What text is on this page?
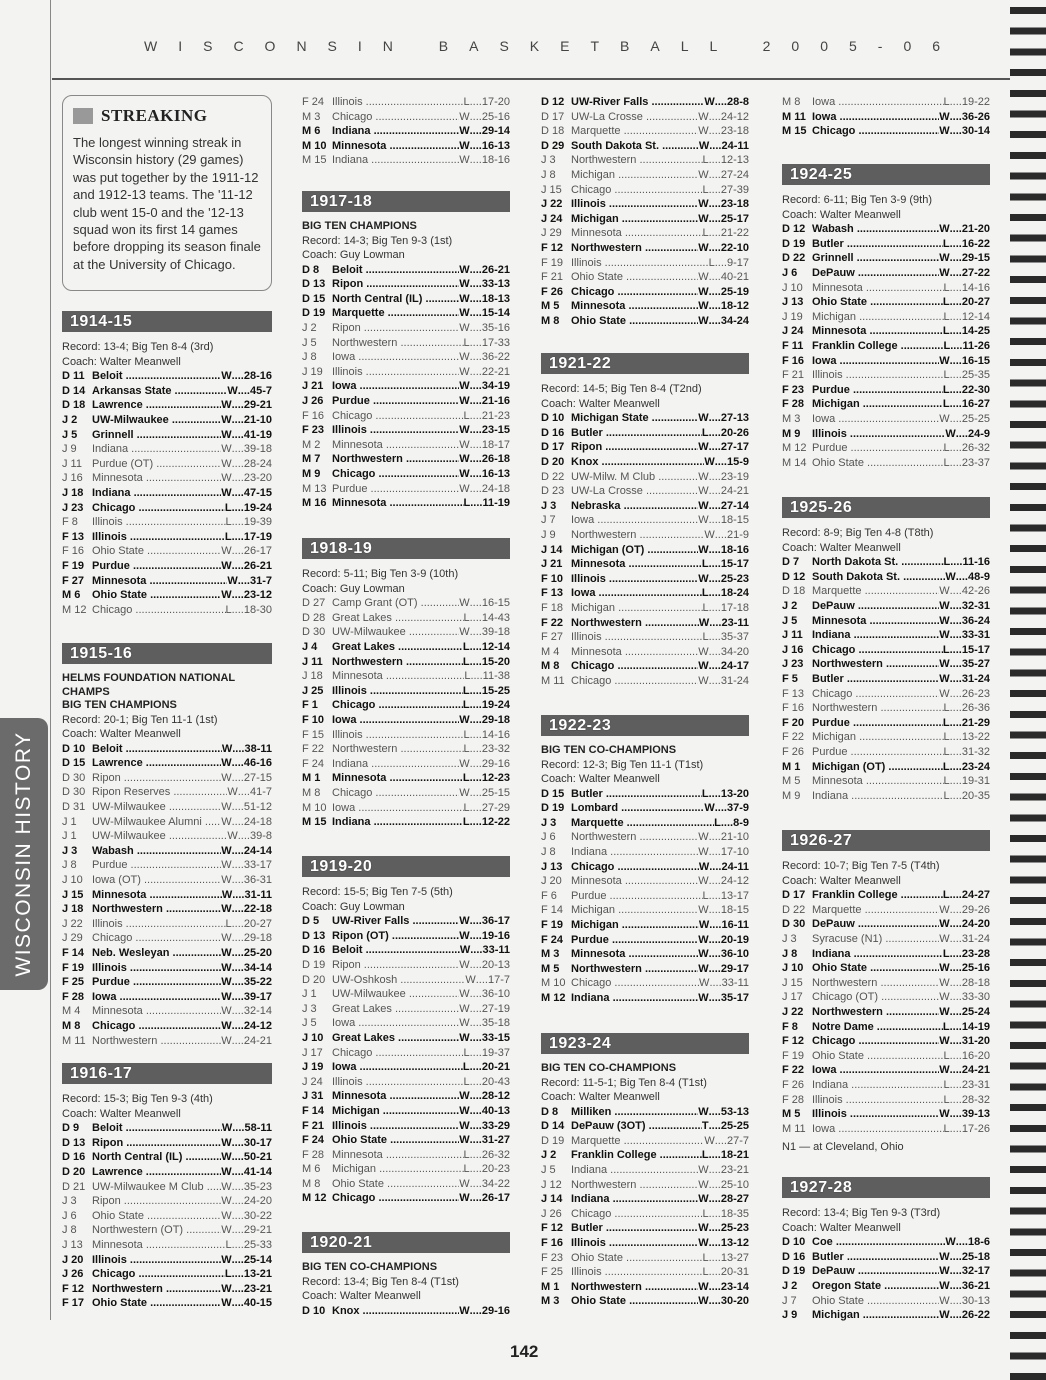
WISCONSIN BASKETBALL 2005-06
WISCONSIN HISTORY
STREAKING
The longest winning streak in Wisconsin history (29 games) was put together by the 1911-12 and 1912-13 teams. The '11-12 club went 15-0 and the '12-13 squad won its first 14 games before dropping its season finale at the University of Chicago.
1914-15
Record: 13-4; Big Ten 8-4 (3rd)
Coach: Walter Meanwell
D 11 Beloit .....	W .... 28-16
D 14 Arkansas State .....	W .... 45-7
D 18 Lawrence .....	W .... 29-21
J 2	UW-Milwaukee .....	W .... 21-10
J 5	Grinnell .....	W .... 41-19
J 9	Indiana .....	W .... 39-18
J 11 Purdue (OT) .....	W .... 28-24
J 16 Minnesota .....	W .... 23-20
J 18 Indiana .....	W .... 47-15
J 23 Chicago .....	L .... 19-24
F 8	Illinois .....	L .... 19-39
F 13 Illinois .....	L .... 17-19
F 16 Ohio State .....	W .... 26-17
F 19 Purdue .....	W .... 26-21
F 27 Minnesota .....	W .... 31-7
M 6	Ohio State .....	W .... 23-12
M 12 Chicago .....	L .... 18-30
1915-16
HELMS FOUNDATION NATIONAL CHAMPS
BIG TEN CHAMPIONS
Record: 20-1; Big Ten 11-1 (1st)
Coach: Walter Meanwell
D 10 Beloit .....	W .... 38-11
D 15 Lawrence .....	W .... 46-16
D 30 Ripon .....	W .... 27-15
D 30 Ripon Reserves .....	W .... 41-7
D 31 UW-Milwaukee .....	W .... 51-12
J 1	UW-Milwaukee Alumni .....	W .... 24-18
J 1	UW-Milwaukee .....	W .... 39-8
J 3	Wabash .....	W .... 24-14
J 8	Purdue .....	W .... 33-17
J 10 Iowa (OT) .....	W .... 36-31
J 15 Minnesota .....	W .... 31-11
J 18 Northwestern .....	W .... 22-18
J 22 Illinois .....	L .... 20-27
J 29 Chicago .....	W .... 29-18
F 14 Neb. Wesleyan .....	W .... 25-20
F 19 Illinois .....	W .... 34-14
F 25 Purdue .....	W .... 35-22
F 28 Iowa .....	W .... 39-17
M 4	Minnesota .....	W .... 32-14
M 8	Chicago .....	W .... 24-12
M 11 Northwestern .....	W .... 24-21
1916-17
Record: 15-3; Big Ten 9-3 (4th)
Coach: Walter Meanwell
D 9	Beloit .....	W .... 58-11
D 13 Ripon .....	W .... 30-17
D 16 North Central (IL) .....	W .... 50-21
D 20 Lawrence .....	W .... 41-14
D 21 UW-Milwaukee M Club .....	W .... 35-23
J 3	Ripon .....	W .... 24-20
J 6	Ohio State .....	W .... 30-22
J 8	Northwestern (OT) .....	W .... 29-21
J 13 Minnesota .....	L .... 25-33
J 20 Illinois .....	W .... 25-14
J 26 Chicago .....	L .... 13-21
F 12 Northwestern .....	W .... 23-21
F 17 Ohio State .....	W .... 40-15
F 24 Illinois .....	L .... 17-20
M 3	Chicago .....	W .... 25-16
M 6	Indiana .....	W .... 29-14
M 10 Minnesota .....	W .... 16-13
M 15 Indiana .....	W .... 18-16
1917-18
BIG TEN CHAMPIONS
Record: 14-3; Big Ten 9-3 (1st)
Coach: Guy Lowman
D 8	Beloit .....	W .... 26-21
D 13 Ripon .....	W .... 33-13
D 15 North Central (IL) .....	W .... 18-13
D 19 Marquette .....	W .... 15-14
J 2	Ripon .....	W .... 35-16
J 5	Northwestern .....	L .... 17-33
J 8	Iowa .....	W .... 36-22
J 19 Illinois .....	W .... 22-21
J 21 Iowa .....	W .... 34-19
J 26 Purdue .....	W .... 21-16
F 16 Chicago .....	L .... 21-23
F 23 Illinois .....	W .... 23-15
M 2	Minnesota .....	W .... 18-17
M 7	Northwestern .....	W .... 26-18
M 9	Chicago .....	W .... 16-13
M 13 Purdue .....	W .... 24-18
M 16 Minnesota .....	L .... 11-19
1918-19
Record: 5-11; Big Ten 3-9 (10th)
Coach: Guy Lowman
D 27 Camp Grant (OT) .....	W .... 16-15
D 28 Great Lakes .....	L .... 14-43
D 30 UW-Milwaukee .....	W .... 39-18
J 4	Great Lakes .....	L .... 12-14
J 11 Northwestern .....	L .... 15-20
J 18 Minnesota .....	L .... 11-38
J 25 Illinois .....	L .... 15-25
F 1	Chicago .....	L .... 19-24
F 10 Iowa .....	W .... 29-18
F 15 Illinois .....	L .... 14-16
F 22 Northwestern .....	L .... 23-32
F 24 Indiana .....	W .... 29-16
M 1	Minnesota .....	L .... 12-23
M 8	Chicago .....	W .... 25-15
M 10 Iowa .....	L .... 27-29
M 15 Indiana .....	L .... 12-22
1919-20
Record: 15-5; Big Ten 7-5 (5th)
Coach: Guy Lowman
D 5	UW-River Falls .....	W .... 36-17
D 13 Ripon (OT) .....	W .... 19-16
D 16 Beloit .....	W .... 33-11
D 19 Ripon .....	W .... 20-13
D 20 UW-Oshkosh .....	W .... 17-7
J 1	UW-Milwaukee .....	W .... 36-10
J 3	Great Lakes .....	W .... 27-19
J 5	Iowa .....	W .... 35-18
J 10 Great Lakes .....	W .... 33-15
J 17 Chicago .....	L .... 19-37
J 19 Iowa .....	L .... 20-21
J 24 Illinois .....	L .... 20-43
J 31 Minnesota .....	W .... 28-12
F 14 Michigan .....	W .... 40-13
F 21 Illinois .....	W .... 33-29
F 24 Ohio State .....	W .... 31-27
F 28 Minnesota .....	L .... 26-32
M 6	Michigan .....	L .... 20-23
M 8	Ohio State .....	W .... 34-22
M 12 Chicago .....	W .... 26-17
1920-21
BIG TEN CO-CHAMPIONS
Record: 13-4; Big Ten 8-4 (T1st)
Coach: Walter Meanwell
D 10 Knox .....	W .... 29-16
D 12 UW-River Falls .....	W .... 28-8
D 17 UW-La Crosse .....	W .... 24-12
D 18 Marquette .....	W .... 23-18
D 29 South Dakota St. .....	W .... 24-11
J 3	Northwestern .....	L .... 12-13
J 8	Michigan .....	W .... 27-24
J 15 Chicago .....	L .... 27-39
J 22 Illinois .....	W .... 23-18
J 24 Michigan .....	W .... 25-17
J 29 Minnesota .....	L .... 21-22
F 12 Northwestern .....	W .... 22-10
F 19 Illinois .....	L .... 9-17
F 21 Ohio State .....	W .... 40-21
F 26 Chicago .....	W .... 25-19
M 5	Minnesota .....	W .... 18-12
M 8	Ohio State .....	W .... 34-24
1921-22
Record: 14-5; Big Ten 8-4 (T2nd)
Coach: Walter Meanwell
D 10 Michigan State .....	W .... 27-13
D 16 Butler .....	L .... 20-26
D 17 Ripon .....	W .... 27-17
D 20 Knox .....	W .... 15-9
D 22 UW-Milw. M Club .....	W .... 23-19
D 23 UW-La Crosse .....	W .... 24-21
J 3	Nebraska .....	W .... 27-14
J 7	Iowa .....	W .... 18-15
J 9	Northwestern .....	W .... 21-9
J 14 Michigan (OT) .....	W .... 18-16
J 21 Minnesota .....	L .... 15-17
F 10 Illinois .....	W .... 25-23
F 13 Iowa .....	L .... 18-24
F 18 Michigan .....	L .... 17-18
F 22 Northwestern .....	W .... 23-11
F 27 Illinois .....	L .... 35-37
M 4	Minnesota .....	W .... 34-20
M 8	Chicago .....	W .... 24-17
M 11 Chicago .....	W .... 31-24
1922-23
BIG TEN CO-CHAMPIONS
Record: 12-3; Big Ten 11-1 (T1st)
Coach: Walter Meanwell
D 15 Butler .....	L .... 13-20
D 19 Lombard .....	W .... 37-9
J 3	Marquette .....	L .... 8-9
J 6	Northwestern .....	W .... 21-10
J 8	Indiana .....	W .... 17-10
J 13 Chicago .....	W .... 24-11
J 20 Minnesota .....	W .... 24-12
F 6	Purdue .....	L .... 13-17
F 14 Michigan .....	W .... 18-15
F 19 Michigan .....	W .... 16-11
F 24 Purdue .....	W .... 20-19
M 3	Minnesota .....	W .... 36-10
M 5	Northwestern .....	W .... 29-17
M 10 Chicago .....	W .... 33-11
M 12 Indiana .....	W .... 35-17
1923-24
BIG TEN CO-CHAMPIONS
Record: 11-5-1; Big Ten 8-4 (T1st)
Coach: Walter Meanwell
D 8	Milliken .....	W .... 53-13
D 14 DePauw (3OT) .....	T .... 25-25
D 19 Marquette .....	W .... 27-7
J 2	Franklin College .....	L .... 18-21
J 5	Indiana .....	W .... 23-21
J 12 Northwestern .....	W .... 25-10
J 14 Indiana .....	W .... 28-27
J 26 Chicago .....	L .... 18-35
F 12 Butler .....	W .... 25-23
F 16 Illinois .....	W .... 13-12
F 23 Ohio State .....	L .... 13-27
F 25 Illinois .....	L .... 20-31
M 1	Northwestern .....	W .... 23-14
M 3	Ohio State .....	W .... 30-20
M 8	Iowa .....	L .... 19-22
M 11 Iowa .....	W .... 36-26
M 15 Chicago .....	W .... 30-14
1924-25
Record: 6-11; Big Ten 3-9 (9th)
Coach: Walter Meanwell
D 12 Wabash .....	W .... 21-20
D 19 Butler .....	L .... 16-22
D 22 Grinnell .....	W .... 29-15
J 6	DePauw .....	W .... 27-22
J 10 Minnesota .....	L .... 14-16
J 13 Ohio State .....	L .... 20-27
J 19 Michigan .....	L .... 12-14
J 24 Minnesota .....	L .... 14-25
F 11 Franklin College .....	L .... 11-26
F 16 Iowa .....	W .... 16-15
F 21 Illinois .....	L .... 25-35
F 23 Purdue .....	L .... 22-30
F 28 Michigan .....	L .... 16-27
M 3	Iowa .....	W .... 25-25
M 9	Illinois .....	W .... 24-9
M 12 Purdue .....	L .... 26-32
M 14 Ohio State .....	L .... 23-37
1925-26
Record: 8-9; Big Ten 4-8 (T8th)
Coach: Walter Meanwell
D 7	North Dakota St. .....	L .... 11-16
D 12 South Dakota St. .....	W .... 48-9
D 18 Marquette .....	W .... 42-26
J 2	DePauw .....	W .... 32-31
J 5	Minnesota .....	W .... 36-24
J 11 Indiana .....	W .... 33-31
J 16 Chicago .....	L .... 15-17
J 23 Northwestern .....	W .... 35-27
F 5	Butler .....	W .... 31-24
F 13 Chicago .....	W .... 26-23
F 16 Northwestern .....	L .... 26-36
F 20 Purdue .....	L .... 21-29
F 22 Michigan .....	L .... 13-22
F 26 Purdue .....	L .... 31-32
M 1	Michigan (OT) .....	L .... 23-24
M 5	Minnesota .....	L .... 19-31
M 9	Indiana .....	L .... 20-35
1926-27
Record: 10-7; Big Ten 7-5 (T4th)
Coach: Walter Meanwell
D 17 Franklin College .....	L .... 24-27
D 22 Marquette .....	W .... 29-26
D 30 DePauw .....	W .... 24-20
J 3	Syracuse (N1) .....	W .... 31-24
J 8	Indiana .....	L .... 23-28
J 10 Ohio State .....	W .... 25-16
J 15 Northwestern .....	W .... 28-18
J 17 Chicago (OT) .....	W .... 33-30
J 22 Northwestern .....	W .... 25-24
F 8	Notre Dame .....	L .... 14-19
F 12 Chicago .....	W .... 31-20
F 19 Ohio State .....	L .... 16-20
F 22 Iowa .....	W .... 24-21
F 26 Indiana .....	L .... 23-31
F 28 Illinois .....	L .... 28-32
M 5	Illinois .....	W .... 39-13
M 11 Iowa .....	L .... 17-26
1927-28
Record: 13-4; Big Ten 9-3 (T3rd)
Coach: Walter Meanwell
D 10 Coe .....	W .... 18-6
D 16 Butler .....	W .... 25-18
D 19 DePauw .....	W .... 32-17
J 2	Oregon State .....	W .... 36-21
J 7	Ohio State .....	W .... 30-13
J 9	Michigan .....	W .... 26-22
N1 — at Cleveland, Ohio
142
